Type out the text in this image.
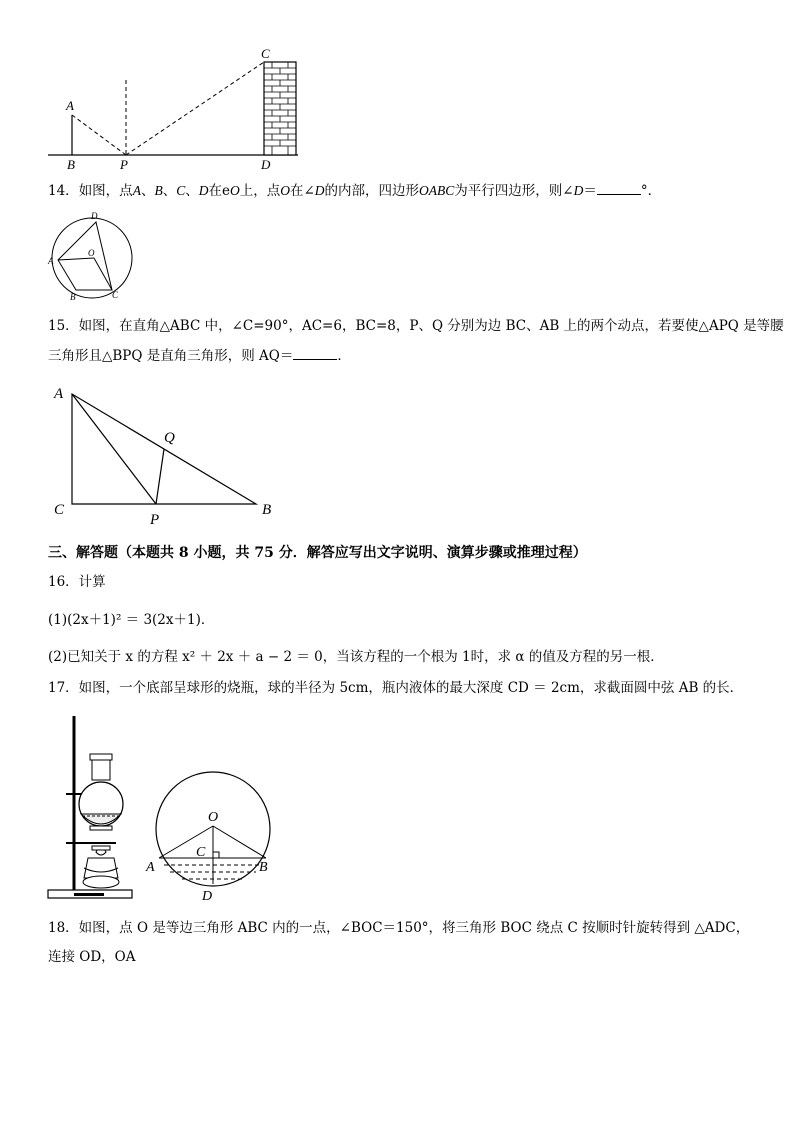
A
B	P
C
D
14．如图，点A、B、C、D在eO上，点O在∠D的内部，四边形OABC为平行四边形，则∠D＝	°．
D
O
A
B	C
15．如图，在直角△ABC 中，∠C=90°，AC=6，BC=8，P、Q 分别为边 BC、AB 上的两个动点，若要使△APQ 是等腰
三角形且△BPQ 是直角三角形，则 AQ＝	．
A
Q
C
P
B
三、解答题（本题共 8 小题，共 75 分．解答应写出文字说明、演算步骤或推理过程）
16．计算
(1)(2x＋1)² ＝ 3(2x＋1)．
(2)已知关于 x 的方程 x² ＋ 2x ＋ a − 2 ＝ 0，当该方程的一个根为 1时，求 α 的值及方程的另一根．
17．如图，一个底部呈球形的烧瓶，球的半径为 5cm，瓶内液体的最大深度 CD ＝ 2cm，求截面圆中弦 AB 的长．
O
C
A	B
D
18．如图，点 O 是等边三角形 ABC 内的一点，∠BOC＝150°，将三角形 BOC 绕点 C 按顺时针旋转得到 △ADC，
连接 OD，OA
